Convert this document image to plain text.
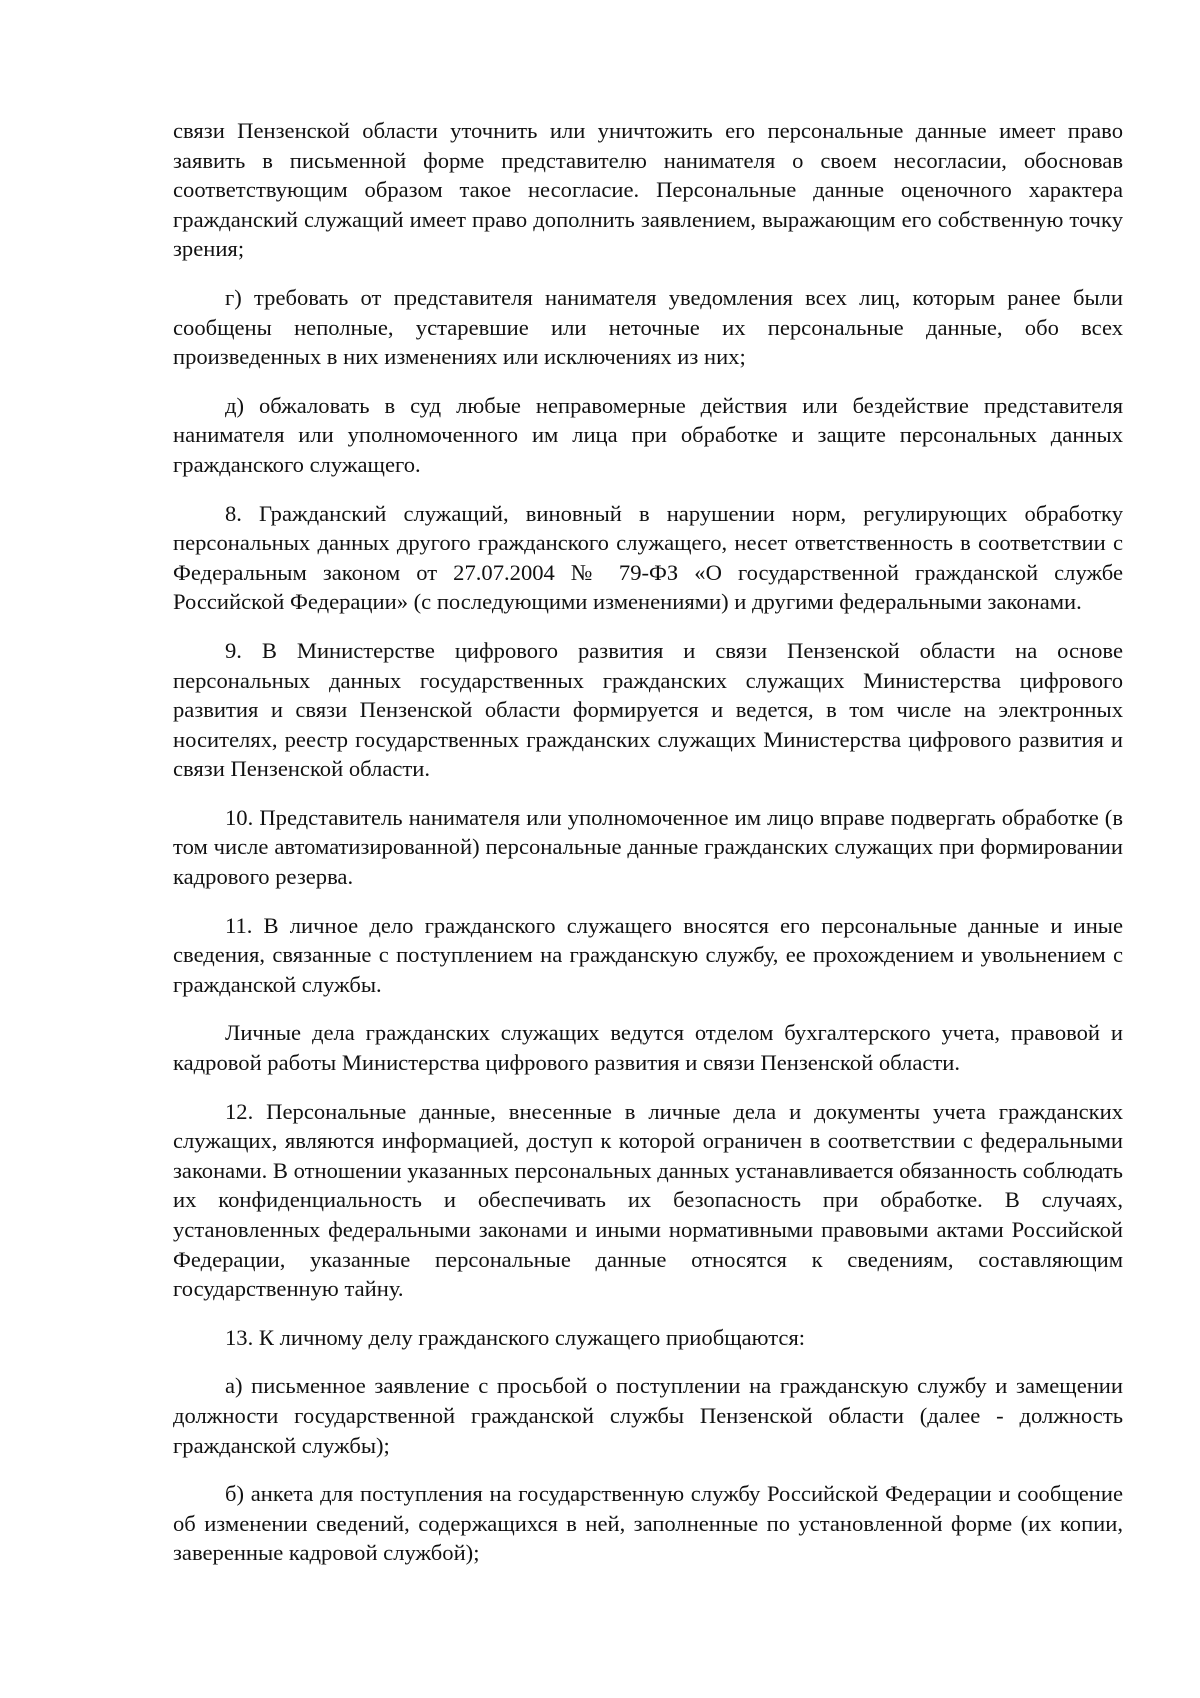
связи Пензенской области уточнить или уничтожить его персональные данные имеет право заявить в письменной форме представителю нанимателя о своем несогласии, обосновав соответствующим образом такое несогласие. Персональные данные оценочного характера гражданский служащий имеет право дополнить заявлением, выражающим его собственную точку зрения;

г) требовать от представителя нанимателя уведомления всех лиц, которым ранее были сообщены неполные, устаревшие или неточные их персональные данные, обо всех произведенных в них изменениях или исключениях из них;

д) обжаловать в суд любые неправомерные действия или бездействие представителя нанимателя или уполномоченного им лица при обработке и защите персональных данных гражданского служащего.

8. Гражданский служащий, виновный в нарушении норм, регулирующих обработку персональных данных другого гражданского служащего, несет ответственность в соответствии с Федеральным законом от 27.07.2004 № 79-ФЗ «О государственной гражданской службе Российской Федерации» (с последующими изменениями) и другими федеральными законами.

9. В Министерстве цифрового развития и связи Пензенской области на основе персональных данных государственных гражданских служащих Министерства цифрового развития и связи Пензенской области формируется и ведется, в том числе на электронных носителях, реестр государственных гражданских служащих Министерства цифрового развития и связи Пензенской области.

10. Представитель нанимателя или уполномоченное им лицо вправе подвергать обработке (в том числе автоматизированной) персональные данные гражданских служащих при формировании кадрового резерва.

11. В личное дело гражданского служащего вносятся его персональные данные и иные сведения, связанные с поступлением на гражданскую службу, ее прохождением и увольнением с гражданской службы.

Личные дела гражданских служащих ведутся отделом бухгалтерского учета, правовой и кадровой работы Министерства цифрового развития и связи Пензенской области.

12. Персональные данные, внесенные в личные дела и документы учета гражданских служащих, являются информацией, доступ к которой ограничен в соответствии с федеральными законами. В отношении указанных персональных данных устанавливается обязанность соблюдать их конфиденциальность и обеспечивать их безопасность при обработке. В случаях, установленных федеральными законами и иными нормативными правовыми актами Российской Федерации, указанные персональные данные относятся к сведениям, составляющим государственную тайну.

13. К личному делу гражданского служащего приобщаются:

а) письменное заявление с просьбой о поступлении на гражданскую службу и замещении должности государственной гражданской службы Пензенской области (далее - должность гражданской службы);

б) анкета для поступления на государственную службу Российской Федерации и сообщение об изменении сведений, содержащихся в ней, заполненные по установленной форме (их копии, заверенные кадровой службой);
